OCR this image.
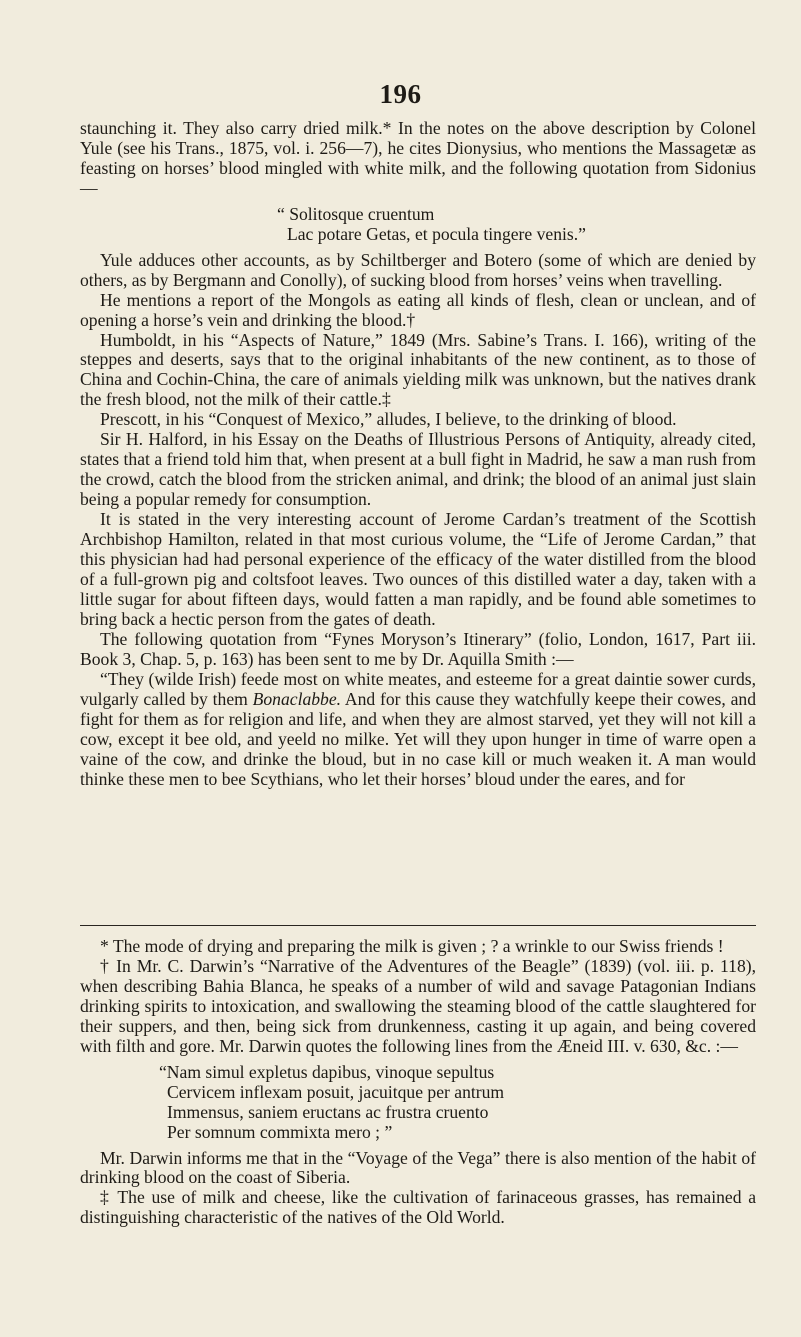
196

staunching it. They also carry dried milk.* In the notes on the above description by Colonel Yule (see his Trans., 1875, vol. i. 256—7), he cites Dionysius, who mentions the Massagetæ as feasting on horses’ blood mingled with white milk, and the following quotation from Sidonius—

“ Solitosque cruentum
Lac potare Getas, et pocula tingere venis.”

Yule adduces other accounts, as by Schiltberger and Botero (some of which are denied by others, as by Bergmann and Conolly), of sucking blood from horses’ veins when travelling.

He mentions a report of the Mongols as eating all kinds of flesh, clean or unclean, and of opening a horse’s vein and drinking the blood.†

Humboldt, in his “Aspects of Nature,” 1849 (Mrs. Sabine’s Trans. I. 166), writing of the steppes and deserts, says that to the original inhabitants of the new continent, as to those of China and Cochin-China, the care of animals yielding milk was unknown, but the natives drank the fresh blood, not the milk of their cattle.‡

Prescott, in his “Conquest of Mexico,” alludes, I believe, to the drinking of blood.

Sir H. Halford, in his Essay on the Deaths of Illustrious Persons of Antiquity, already cited, states that a friend told him that, when present at a bull fight in Madrid, he saw a man rush from the crowd, catch the blood from the stricken animal, and drink; the blood of an animal just slain being a popular remedy for consumption.

It is stated in the very interesting account of Jerome Cardan’s treatment of the Scottish Archbishop Hamilton, related in that most curious volume, the “Life of Jerome Cardan,” that this physician had had personal experience of the efficacy of the water distilled from the blood of a full-grown pig and coltsfoot leaves. Two ounces of this distilled water a day, taken with a little sugar for about fifteen days, would fatten a man rapidly, and be found able sometimes to bring back a hectic person from the gates of death.

The following quotation from “Fynes Moryson’s Itinerary” (folio, London, 1617, Part iii. Book 3, Chap. 5, p. 163) has been sent to me by Dr. Aquilla Smith :—

“They (wilde Irish) feede most on white meates, and esteeme for a great daintie sower curds, vulgarly called by them Bonaclabbe. And for this cause they watchfully keepe their cowes, and fight for them as for religion and life, and when they are almost starved, yet they will not kill a cow, except it bee old, and yeeld no milke. Yet will they upon hunger in time of warre open a vaine of the cow, and drinke the bloud, but in no case kill or much weaken it. A man would thinke these men to bee Scythians, who let their horses’ bloud under the eares, and for

* The mode of drying and preparing the milk is given ; ? a wrinkle to our Swiss friends !

† In Mr. C. Darwin’s “Narrative of the Adventures of the Beagle” (1839) (vol. iii. p. 118), when describing Bahia Blanca, he speaks of a number of wild and savage Patagonian Indians drinking spirits to intoxication, and swallowing the steaming blood of the cattle slaughtered for their suppers, and then, being sick from drunkenness, casting it up again, and being covered with filth and gore. Mr. Darwin quotes the following lines from the Æneid III. v. 630, &c. :—

“Nam simul expletus dapibus, vinoque sepultus
Cervicem inflexam posuit, jacuitque per antrum
Immensus, saniem eructans ac frustra cruento
Per somnum commixta mero ; ”

Mr. Darwin informs me that in the “Voyage of the Vega” there is also mention of the habit of drinking blood on the coast of Siberia.

‡ The use of milk and cheese, like the cultivation of farinaceous grasses, has remained a distinguishing characteristic of the natives of the Old World.
